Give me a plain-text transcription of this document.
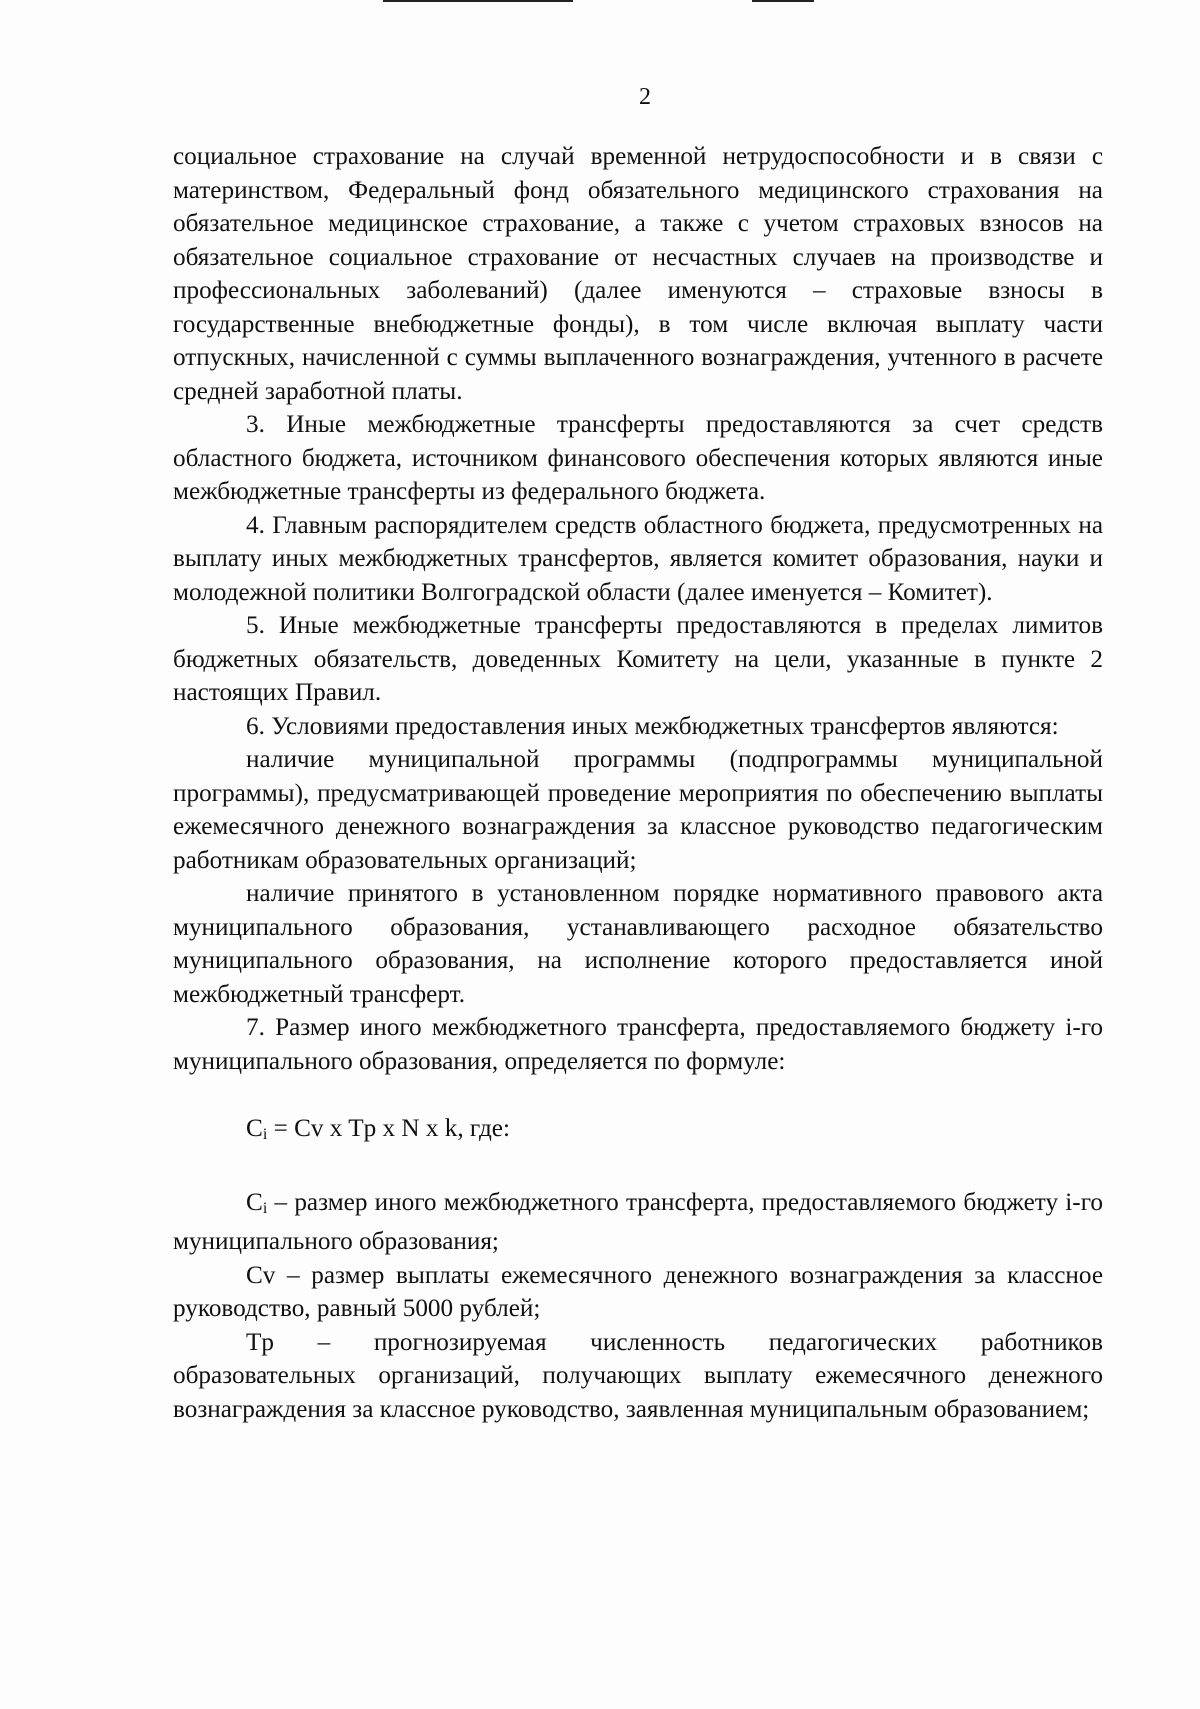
2

социальное страхование на случай временной нетрудоспособности и в связи с материнством, Федеральный фонд обязательного медицинского страхования на обязательное медицинское страхование, а также с учетом страховых взносов на обязательное социальное страхование от несчастных случаев на производстве и профессиональных заболеваний) (далее именуются – страховые взносы в государственные внебюджетные фонды), в том числе включая выплату части отпускных, начисленной с суммы выплаченного вознаграждения, учтенного в расчете средней заработной платы.

3. Иные межбюджетные трансферты предоставляются за счет средств областного бюджета, источником финансового обеспечения которых являются иные межбюджетные трансферты из федерального бюджета.

4. Главным распорядителем средств областного бюджета, предусмотренных на выплату иных межбюджетных трансфертов, является комитет образования, науки и молодежной политики Волгоградской области (далее именуется – Комитет).

5. Иные межбюджетные трансферты предоставляются в пределах лимитов бюджетных обязательств, доведенных Комитету на цели, указанные в пункте 2 настоящих Правил.

6. Условиями предоставления иных межбюджетных трансфертов являются:

наличие муниципальной программы (подпрограммы муниципальной программы), предусматривающей проведение мероприятия по обеспечению выплаты ежемесячного денежного вознаграждения за классное руководство педагогическим работникам образовательных организаций;

наличие принятого в установленном порядке нормативного правового акта муниципального образования, устанавливающего расходное обязательство муниципального образования, на исполнение которого предоставляется иной межбюджетный трансферт.

7. Размер иного межбюджетного трансферта, предоставляемого бюджету i-го муниципального образования, определяется по формуле:

$C_i = Cv$ x Tp x N x k, где:

$C_i$ – размер иного межбюджетного трансферта, предоставляемого бюджету i-го муниципального образования;

Cv – размер выплаты ежемесячного денежного вознаграждения за классное руководство, равный 5000 рублей;

Tp – прогнозируемая численность педагогических работников образовательных организаций, получающих выплату ежемесячного денежного вознаграждения за классное руководство, заявленная муниципальным образованием;
